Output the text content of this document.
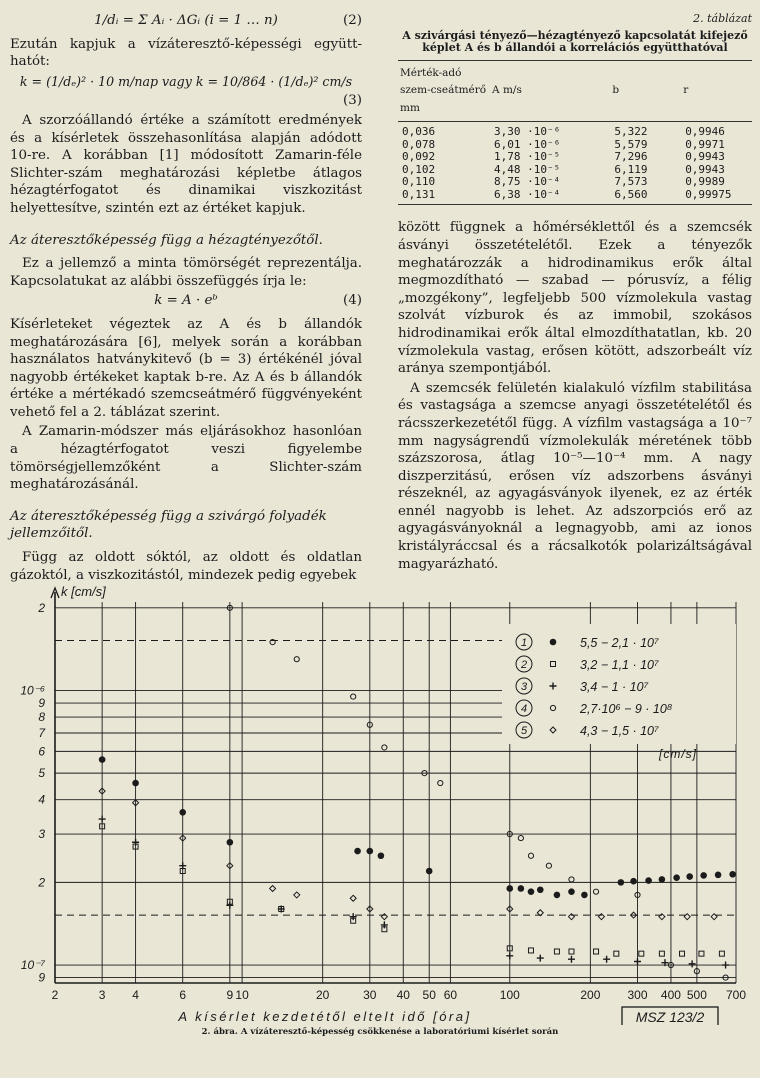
1/dᵢ = Σ Aᵢ · ΔGᵢ (i = 1 … n)	(2)

Ezután kapjuk a vízáteresztő-képességi együtt-hatót:

k = (1/dₑ)² · 10 m/nap vagy k = 10/864 · (1/dₑ)² cm/s
(3)

A szorzóállandó értéke a számított eredmények és a kísérletek összehasonlítása alapján adódott 10-re. A korábban [1] módosított Zamarin-féle Slichter-szám meghatározási képletbe átlagos hézagtérfogatot és dinamikai viszkozitást helyettesítve, szintén ezt az értéket kapjuk.

Az áteresztőképesség függ a hézagtényezőtől.

Ez a jellemző a minta tömörségét reprezentálja. Kapcsolatukat az alábbi összefüggés írja le:

k = A · eᵇ	(4)

Kísérleteket végeztek az A és b állandók meghatározására [6], melyek során a korábban használatos hatványkitevő (b = 3) értékénél jóval nagyobb értékeket kaptak b-re. Az A és b állandók értéke a mértékadó szemcseátmérő függvényeként vehető fel a 2. táblázat szerint.

A Zamarin-módszer más eljárásokhoz hasonlóan a hézagtérfogatot veszi figyelembe tömörségjellemzőként a Slichter-szám meghatározásánál.

Az áteresztőképesség függ a szivárgó folyadék jellemzőitől.

Függ az oldott sóktól, az oldott és oldatlan gázoktól, a viszkozitástól, mindezek pedig egyebek

2. táblázat
A szivárgási tényező—hézagtényező kapcsolatát kifejező képlet A és b állandói a korrelációs együtthatóval
Mérték-adó szem-cseátmérő mm	A m/s	b	r

0,036	3,30 ·10⁻⁶	5,322	0,9946
0,078	6,01 ·10⁻⁶	5,579	0,9971
0,092	1,78 ·10⁻⁵	7,296	0,9943
0,102	4,48 ·10⁻⁵	6,119	0,9943
0,110	8,75 ·10⁻⁴	7,573	0,9989
0,131	6,38 ·10⁻⁴	6,560	0,99975

között függnek a hőmérséklettől és a szemcsék ásványi összetételétől. Ezek a tényezők meghatározzák a hidrodinamikus erők által megmozdítható — szabad — pórusvíz, a félig „mozgékony”, legfeljebb 500 vízmolekula vastag szolvát vízburok és az immobil, szokásos hidrodinamikai erők által elmozdíthatatlan, kb. 20 vízmolekula vastag, erősen kötött, adszorbeált víz aránya szempontjából.

A szemcsék felületén kialakuló vízfilm stabilitása és vastagsága a szemcse anyagi összetételétől és rácsszerkezetétől függ. A vízfilm vastagsága a 10⁻⁷ mm nagyságrendű vízmolekulák méretének több százszorosa, átlag 10⁻⁵—10⁻⁴ mm. A nagy diszperzitású, erősen víz adszorbens ásványi részeknél, az agyagásványok ilyenek, ez az érték ennél nagyobb is lehet. Az adszorpciós erő az agyagásványoknál a legnagyobb, ami az ionos kristályráccsal és a rácsalkotók polarizáltságával magyarázható.

k [cm/s]
2
10⁻⁶
9
8
7
6
5
4
3
2
10⁻⁷
9
2	3 4	6	9 10	20	30 40 50 60	100	200 300 400 500 700
A kísérlet kezdetétől eltelt idő [óra]	MSZ 123/2
1	5,5 − 2,1 · 10⁷
2	3,2 − 1,1 · 10⁷
3	3,4 − 1 · 10⁷
4	2,7·10⁶ − 9 · 10⁸
5	4,3 − 1,5 · 10⁷
[cm/s]
2. ábra. A vízáteresztő-képesség csökkenése a laboratóriumi kísérlet során
